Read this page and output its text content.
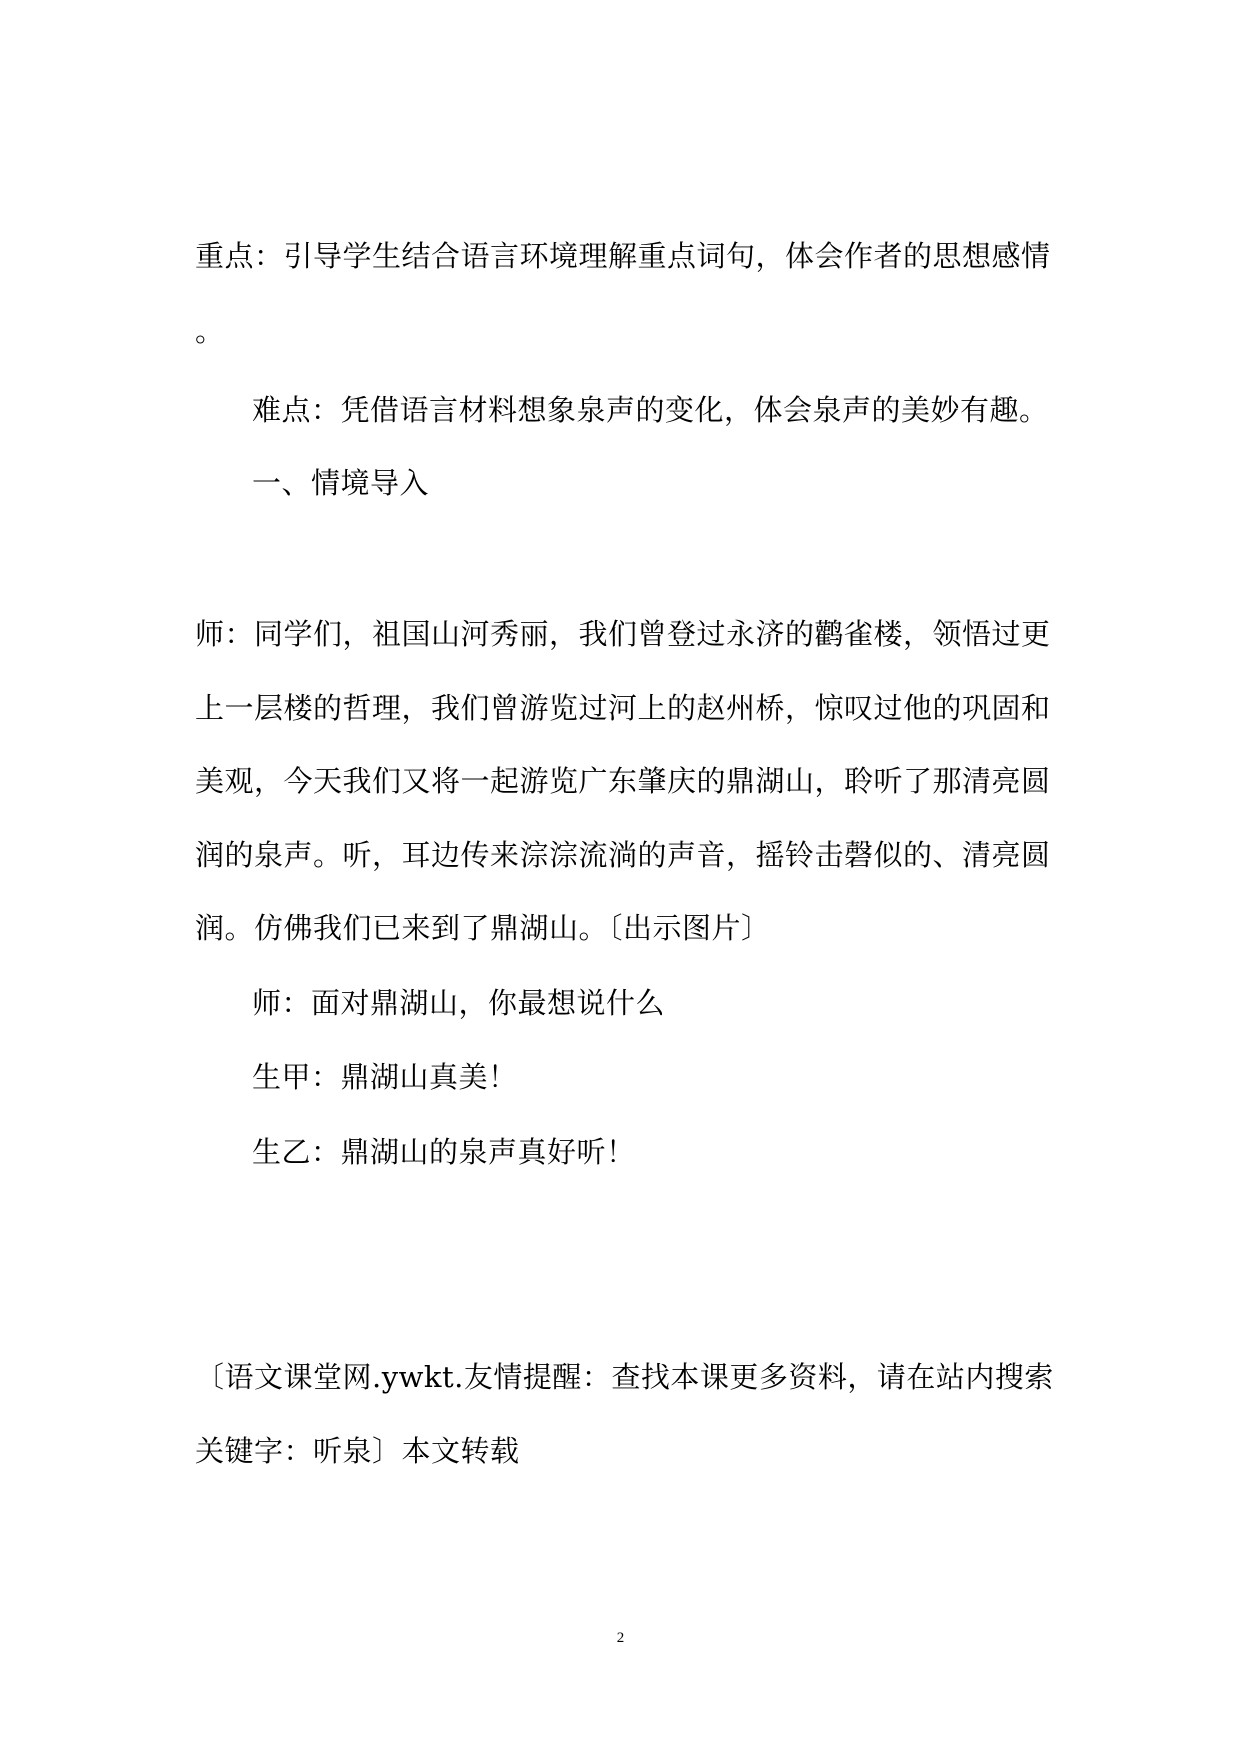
重点：引导学生结合语言环境理解重点词句，体会作者的思想感情
。
难点：凭借语言材料想象泉声的变化，体会泉声的美妙有趣。
一、情境导入
师：同学们，祖国山河秀丽，我们曾登过永济的鹳雀楼，领悟过更
上一层楼的哲理，我们曾游览过河上的赵州桥，惊叹过他的巩固和
美观，今天我们又将一起游览广东肇庆的鼎湖山，聆听了那清亮圆
润的泉声。听，耳边传来淙淙流淌的声音，摇铃击磬似的、清亮圆
润。仿佛我们已来到了鼎湖山。〔出示图片〕
师：面对鼎湖山，你最想说什么
生甲：鼎湖山真美！
生乙：鼎湖山的泉声真好听！
〔语文课堂网.ywkt.友情提醒：查找本课更多资料，请在站内搜索
关键字：听泉〕本文转载
2
